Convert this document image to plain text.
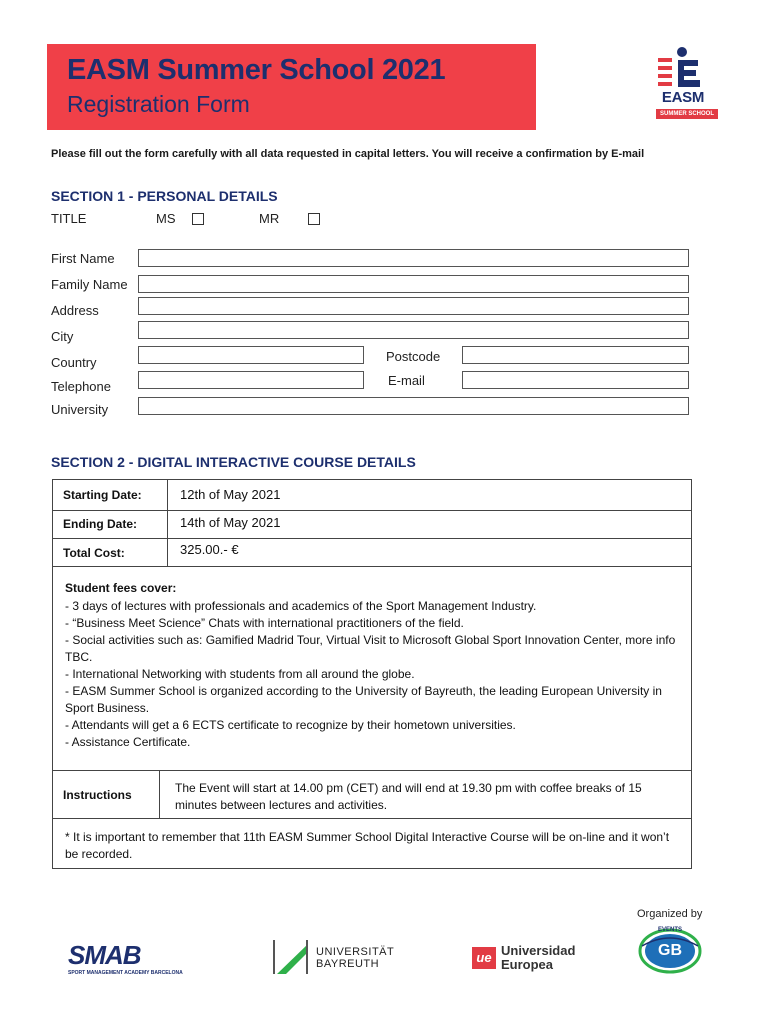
EASM Summer School 2021
Registration Form	EASM
SUMMER SCHOOL
Please fill out the form carefully with all data requested in capital letters. You will receive a confirmation by E-mail
SECTION 1 - PERSONAL DETAILS
TITLE	MS	MR
First Name
Family Name
Address
City
Country	Postcode
Telephone	E-mail
University
SECTION 2 - DIGITAL INTERACTIVE COURSE DETAILS
Starting Date:	12th of May 2021
Ending Date:	14th of May 2021
Total Cost:	325.00.- €

Student fees cover:

- 3 days of lectures with professionals and academics of the Sport Management Industry.

- “Business Meet Science” Chats with international practitioners of the field.

- Social activities such as: Gamified Madrid Tour, Virtual Visit to Microsoft Global Sport Innovation Center, more info TBC.

- International Networking with students from all around the globe.

- EASM Summer School is organized according to the University of Bayreuth, the leading European University in Sport Business.

- Attendants will get a 6 ECTS certificate to recognize by their hometown universities.

- Assistance Certificate.

Instructions	The Event will start at 14.00 pm (CET) and will end at 19.30 pm with coffee breaks of 15 minutes between lectures and activities.
* It is important to remember that 11th EASM Summer School Digital Interactive Course will be on-line and it won’t be recorded.
Organized by
SMAB
SPORT MANAGEMENT ACADEMY BARCELONA
UNIVERSITÄT
BAYREUTH	ue Universidad
Europea
GB
EVENTS
